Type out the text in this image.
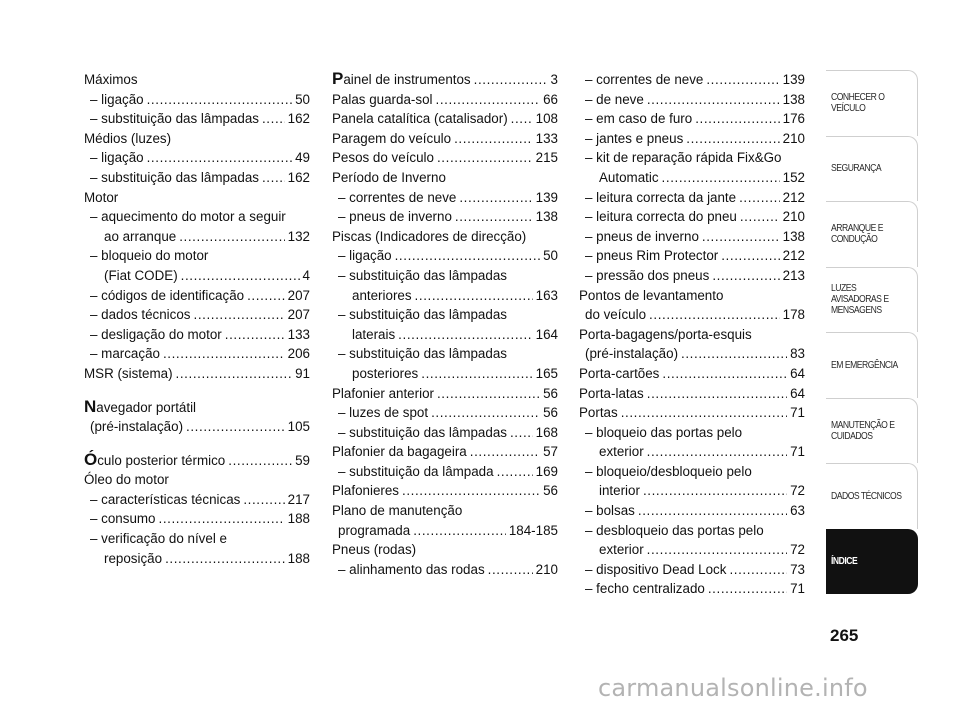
Máximos
– ligação .....	50
– substituição das lâmpadas ..... 162
Médios (luzes)
– ligação .....	49
– substituição das lâmpadas ..... 162
Motor
– aquecimento do motor a seguir
ao arranque .....	132
– bloqueio do motor
(Fiat CODE) .....	4
– códigos de identificação .....	207
– dados técnicos .....	207
– desligação do motor .....	133
– marcação .....	206
MSR (sistema) .....	91
Navegador portátil
(pré-instalação) .....	105
Óculo posterior térmico .....	59
Óleo do motor
– características técnicas .....	217
– consumo .....	188
– verificação do nível e
reposição .....	188
Painel de instrumentos .....	3
Palas guarda-sol .....	66
Panela catalítica (catalisador) ..... 108
Paragem do veículo .....	133
Pesos do veículo .....	215
Período de Inverno
– correntes de neve .....	139
– pneus de inverno .....	138
Piscas (Indicadores de direcção)
– ligação .....	50
– substituição das lâmpadas
anteriores .....	163
– substituição das lâmpadas
laterais .....	164
– substituição das lâmpadas
posteriores .....	165
Plafonier anterior .....	56
– luzes de spot .....	56
– substituição das lâmpadas ..... 168
Plafonier da bagageira .....	57
– substituição da lâmpada .....	169
Plafonieres .....	56
Plano de manutenção
programada .....	184-185
Pneus (rodas)
– alinhamento das rodas .....	210
– correntes de neve .....	139
– de neve .....	138
– em caso de furo .....	176
– jantes e pneus .....	210
– kit de reparação rápida Fix&Go
Automatic .....	152
– leitura correcta da jante .....	212
– leitura correcta do pneu .....	210
– pneus de inverno .....	138
– pneus Rim Protector .....	212
– pressão dos pneus .....	213
Pontos de levantamento
do veículo .....	178
Porta-bagagens/porta-esquis
(pré-instalação) .....	83
Porta-cartões .....	64
Porta-latas .....	64
Portas .....	71
– bloqueio das portas pelo
exterior .....	71
– bloqueio/desbloqueio pelo
interior .....	72
– bolsas .....	63
– desbloqueio das portas pelo
exterior .....	72
– dispositivo Dead Lock .....	73
– fecho centralizado .....	71
CONHECER O VEÍCULO
SEGURANÇA
ARRANQUE E CONDUÇÃO
LUZES AVISADORAS E MENSAGENS
EM EMERGÊNCIA
MANUTENÇÃO E CUIDADOS
DADOS TÉCNICOS
ÍNDICE
265
carmanualsonline.info
